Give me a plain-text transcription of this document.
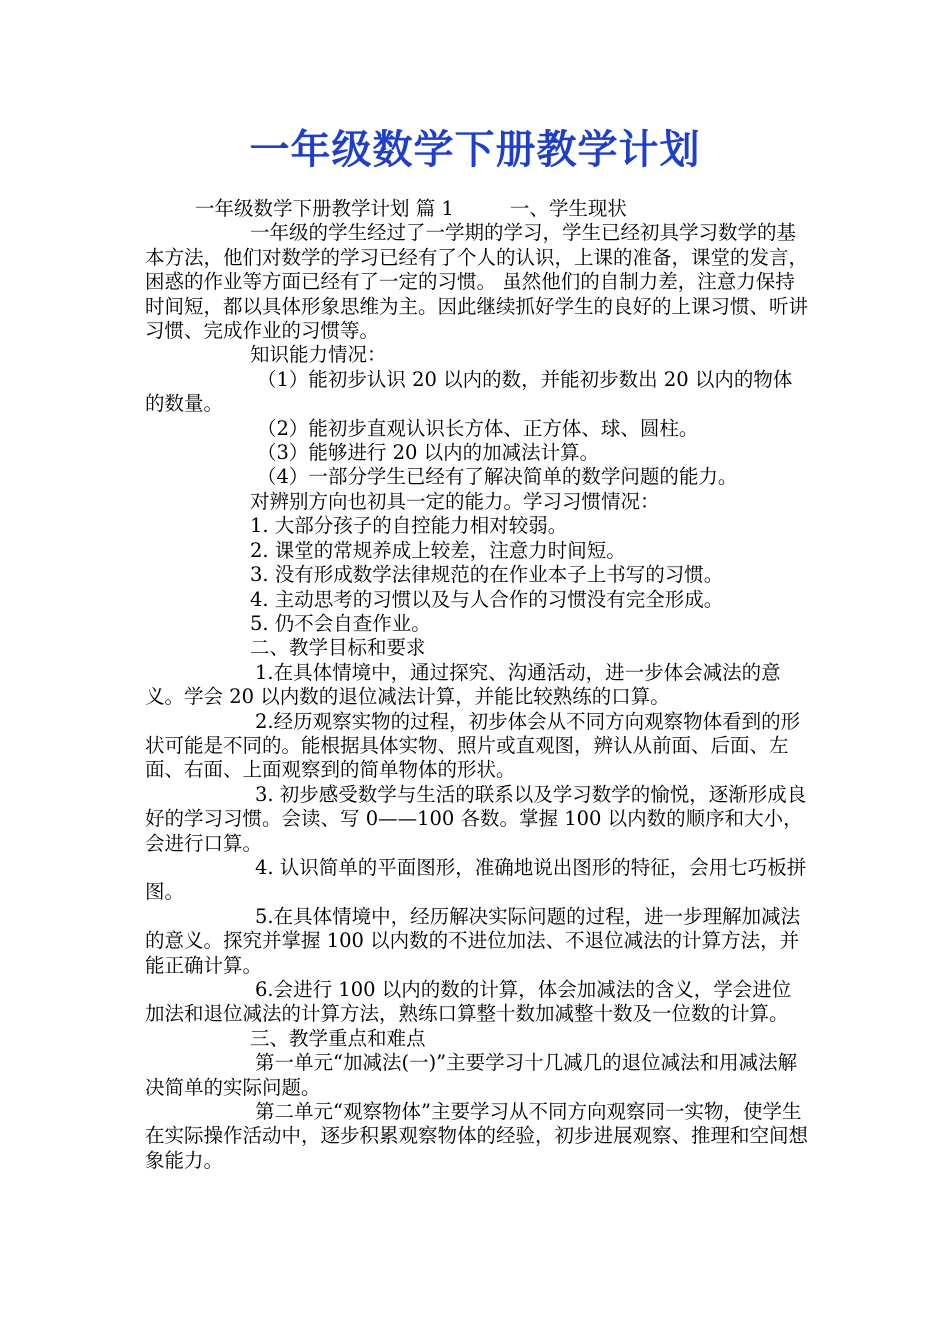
一年级数学下册教学计划

一年级数学下册教学计划 篇 1	一、学生现状

一年级的学生经过了一学期的学习，学生已经初具学习数学的基本方法，他们对数学的学习已经有了个人的认识，上课的准备，课堂的发言，困惑的作业等方面已经有了一定的习惯。 虽然他们的自制力差，注意力保持时间短，都以具体形象思维为主。因此继续抓好学生的良好的上课习惯、听讲习惯、完成作业的习惯等。

知识能力情况：

（1）能初步认识 20 以内的数，并能初步数出 20 以内的物体的数量。

（2）能初步直观认识长方体、正方体、球、圆柱。

（3）能够进行 20 以内的加减法计算。

（4）一部分学生已经有了解决简单的数学问题的能力。

对辨别方向也初具一定的能力。学习习惯情况：

1. 大部分孩子的自控能力相对较弱。

2. 课堂的常规养成上较差，注意力时间短。

3. 没有形成数学法律规范的在作业本子上书写的习惯。

4. 主动思考的习惯以及与人合作的习惯没有完全形成。

5. 仍不会自查作业。

二、教学目标和要求

1.在具体情境中，通过探究、沟通活动，进一步体会减法的意义。学会 20 以内数的退位减法计算，并能比较熟练的口算。

2.经历观察实物的过程，初步体会从不同方向观察物体看到的形状可能是不同的。能根据具体实物、照片或直观图，辨认从前面、后面、左面、右面、上面观察到的简单物体的形状。

3. 初步感受数学与生活的联系以及学习数学的愉悦，逐渐形成良好的学习习惯。会读、写 0——100 各数。掌握 100 以内数的顺序和大小，会进行口算。

4. 认识简单的平面图形，准确地说出图形的特征，会用七巧板拼图。

5.在具体情境中，经历解决实际问题的过程，进一步理解加减法的意义。探究并掌握 100 以内数的不进位加法、不退位减法的计算方法，并能正确计算。

6.会进行 100 以内的数的计算，体会加减法的含义，学会进位加法和退位减法的计算方法，熟练口算整十数加减整十数及一位数的计算。

三、教学重点和难点

第一单元“加减法(一)”主要学习十几减几的退位减法和用减法解决简单的实际问题。

第二单元“观察物体”主要学习从不同方向观察同一实物，使学生在实际操作活动中，逐步积累观察物体的经验，初步进展观察、推理和空间想象能力。
